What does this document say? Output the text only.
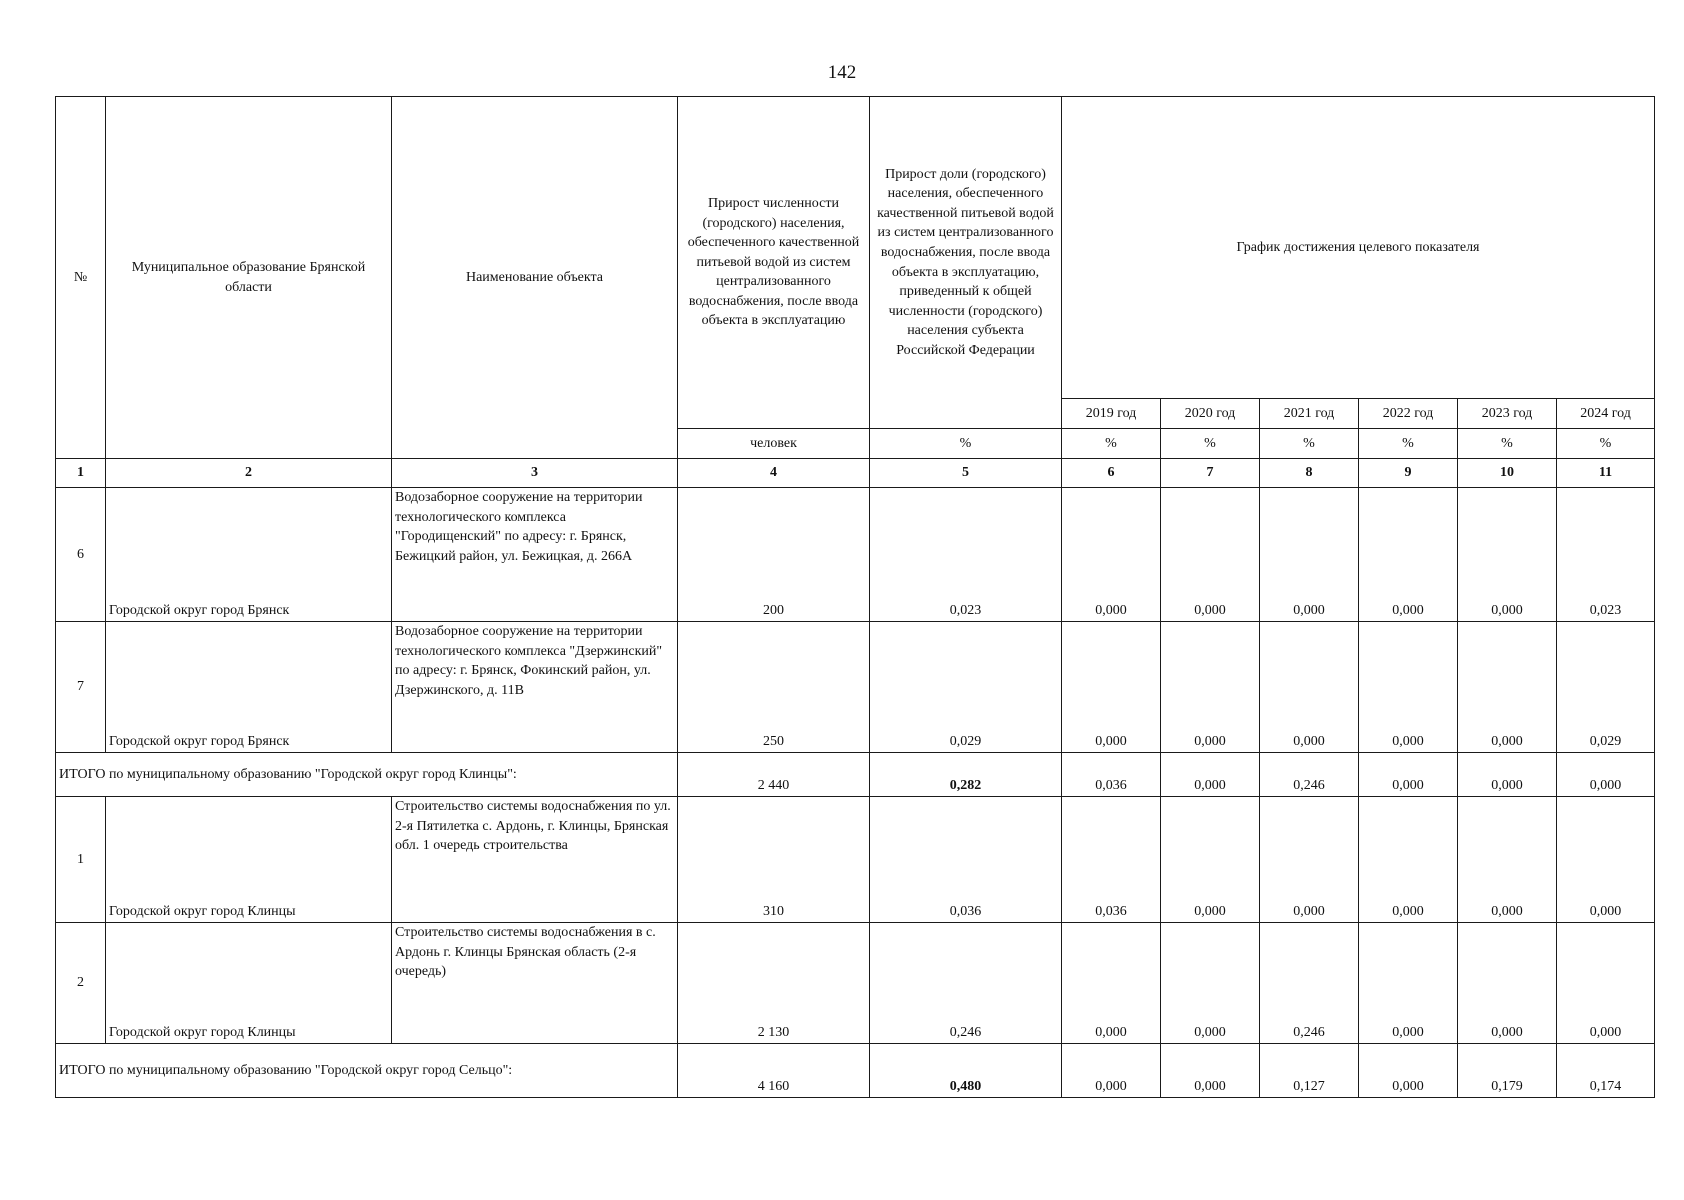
142
№	Муниципальное образование Брянской области	Наименование объекта	Прирост численности (городского) населения, обеспеченного качественной питьевой водой из систем централизованного водоснабжения, после ввода объекта в эксплуатацию	Прирост доли (городского) населения, обеспеченного качественной питьевой водой из систем централизованного водоснабжения, после ввода объекта в эксплуатацию, приведенный к общей численности (городского) населения субъекта Российской Федерации	График достижения целевого показателя					
					2019 год	2020 год	2021 год	2022 год	2023 год	2024 год
			человек	%	%	%	%	%	%	%
1	2	3	4	5	6	7	8	9	10	11
6	Городской округ город Брянск	Водозаборное сооружение на территории технологического комплекса "Городищенский" по адресу: г. Брянск, Бежицкий район, ул. Бежицкая, д. 266А	200	0,023	0,000	0,000	0,000	0,000	0,000	0,023
7	Городской округ город Брянск	Водозаборное сооружение на территории технологического комплекса "Дзержинский" по адресу: г. Брянск, Фокинский район, ул. Дзержинского, д. 11В	250	0,029	0,000	0,000	0,000	0,000	0,000	0,029
ИТОГО по муниципальному образованию "Городской округ город Клинцы":			2 440	0,282	0,036	0,000	0,246	0,000	0,000	0,000
1	Городской округ город Клинцы	Строительство системы водоснабжения по ул. 2-я Пятилетка с. Ардонь, г. Клинцы, Брянская обл. 1 очередь строительства	310	0,036	0,036	0,000	0,000	0,000	0,000	0,000
2	Городской округ город Клинцы	Строительство системы водоснабжения в с. Ардонь г. Клинцы Брянская область (2-я очередь)	2 130	0,246	0,000	0,000	0,246	0,000	0,000	0,000
ИТОГО по муниципальному образованию "Городской округ город Сельцо":			4 160	0,480	0,000	0,000	0,127	0,000	0,179	0,174
